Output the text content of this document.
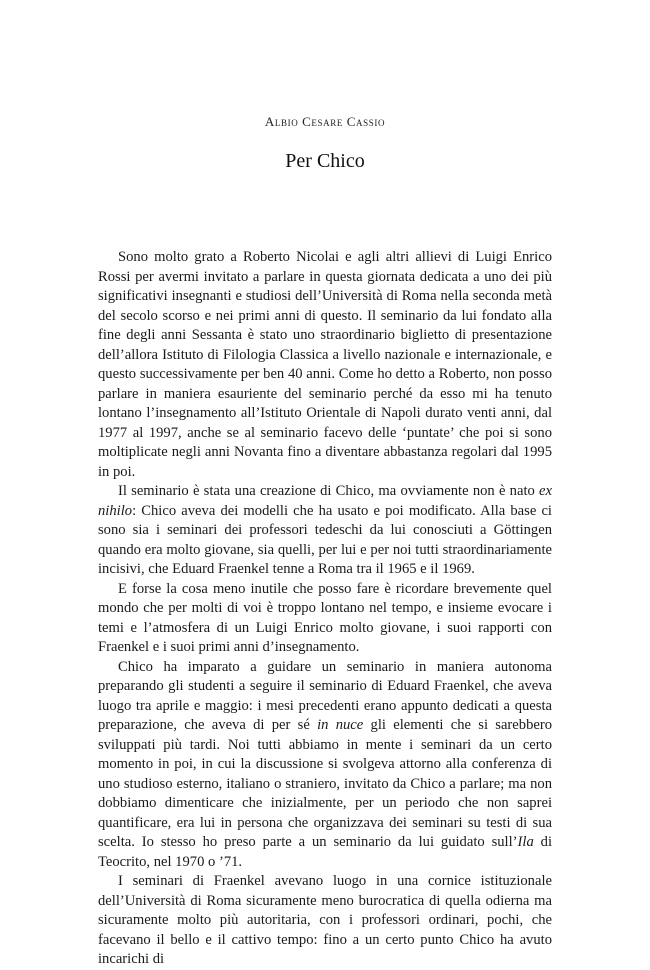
Albio Cesare Cassio
Per Chico

Sono molto grato a Roberto Nicolai e agli altri allievi di Luigi Enrico Rossi per avermi invitato a parlare in questa giornata dedicata a uno dei più significativi insegnanti e studiosi dell’Università di Roma nella seconda metà del secolo scorso e nei primi anni di questo. Il seminario da lui fondato alla fine degli anni Sessanta è stato uno straordinario biglietto di presentazione dell’allora Istituto di Filologia Classica a livello nazionale e internazionale, e questo successivamente per ben 40 anni. Come ho detto a Roberto, non posso parlare in maniera esauriente del seminario perché da esso mi ha tenuto lontano l’insegnamento all’Istituto Orientale di Napoli durato venti anni, dal 1977 al 1997, anche se al seminario facevo delle ‘puntate’ che poi si sono moltiplicate negli anni Novanta fino a diventare abbastanza regolari dal 1995 in poi.

Il seminario è stata una creazione di Chico, ma ovviamente non è nato ex nihilo: Chico aveva dei modelli che ha usato e poi modificato. Alla base ci sono sia i seminari dei professori tedeschi da lui conosciuti a Göttingen quando era molto giovane, sia quelli, per lui e per noi tutti straordinariamente incisivi, che Eduard Fraenkel tenne a Roma tra il 1965 e il 1969.

E forse la cosa meno inutile che posso fare è ricordare brevemente quel mondo che per molti di voi è troppo lontano nel tempo, e insieme evocare i temi e l’atmosfera di un Luigi Enrico molto giovane, i suoi rapporti con Fraenkel e i suoi primi anni d’insegnamento.

Chico ha imparato a guidare un seminario in maniera autonoma preparando gli studenti a seguire il seminario di Eduard Fraenkel, che aveva luogo tra aprile e maggio: i mesi precedenti erano appunto dedicati a questa preparazione, che aveva di per sé in nuce gli elementi che si sarebbero sviluppati più tardi. Noi tutti abbiamo in mente i seminari da un certo momento in poi, in cui la discussione si svolgeva attorno alla conferenza di uno studioso esterno, italiano o straniero, invitato da Chico a parlare; ma non dobbiamo dimenticare che inizialmente, per un periodo che non saprei quantificare, era lui in persona che organizzava dei seminari su testi di sua scelta. Io stesso ho preso parte a un seminario da lui guidato sull’Ila di Teocrito, nel 1970 o ’71.

I seminari di Fraenkel avevano luogo in una cornice istituzionale dell’Università di Roma sicuramente meno burocratica di quella odierna ma sicuramente molto più autoritaria, con i professori ordinari, pochi, che facevano il bello e il cattivo tempo: fino a un certo punto Chico ha avuto incarichi di
